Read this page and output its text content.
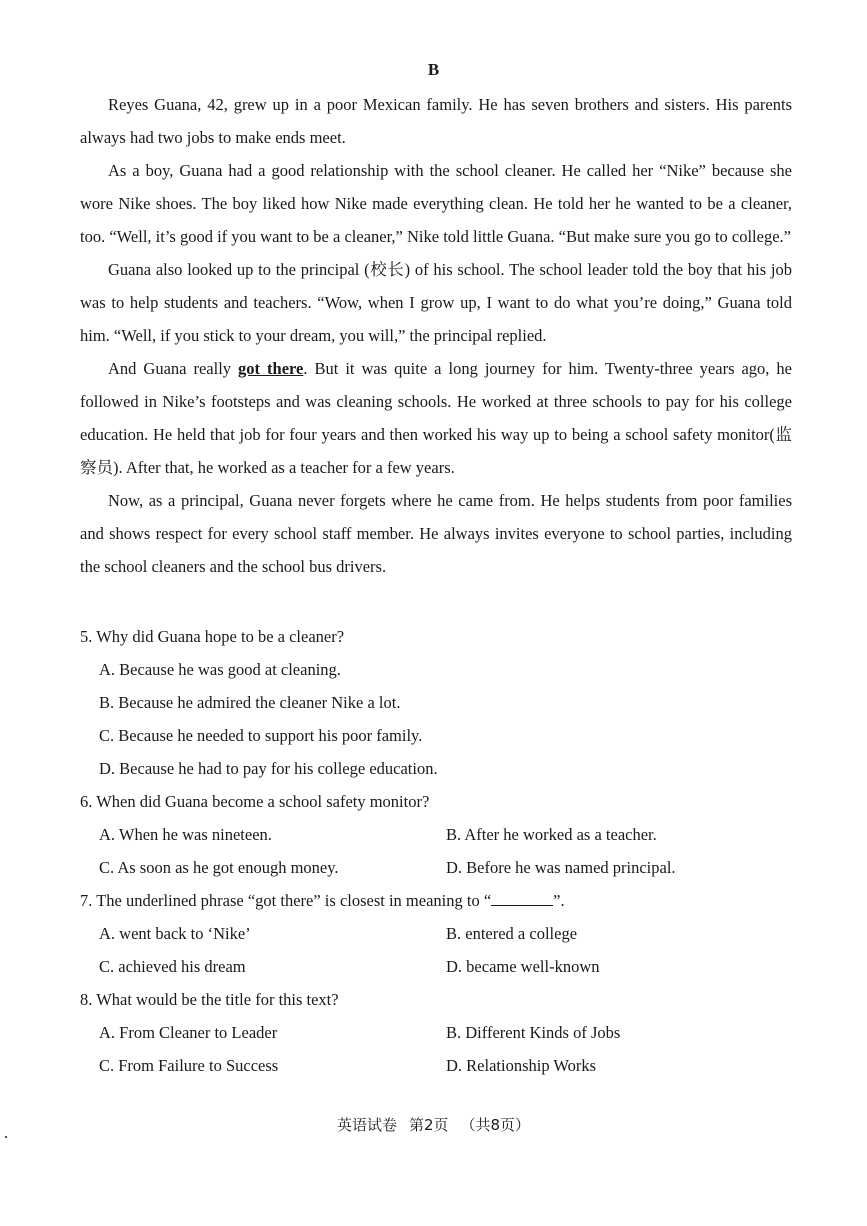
B

Reyes Guana, 42, grew up in a poor Mexican family. He has seven brothers and sisters. His parents always had two jobs to make ends meet.

As a boy, Guana had a good relationship with the school cleaner. He called her “Nike” because she wore Nike shoes. The boy liked how Nike made everything clean. He told her he wanted to be a cleaner, too. “Well, it’s good if you want to be a cleaner,” Nike told little Guana. “But make sure you go to college.”

Guana also looked up to the principal (校长) of his school. The school leader told the boy that his job was to help students and teachers. “Wow, when I grow up, I want to do what you’re doing,” Guana told him. “Well, if you stick to your dream, you will,” the principal replied.

And Guana really got there. But it was quite a long journey for him. Twenty-three years ago, he followed in Nike’s footsteps and was cleaning schools. He worked at three schools to pay for his college education. He held that job for four years and then worked his way up to being a school safety monitor(监察员). After that, he worked as a teacher for a few years.

Now, as a principal, Guana never forgets where he came from. He helps students from poor families and shows respect for every school staff member. He always invites everyone to school parties, including the school cleaners and the school bus drivers.

5. Why did Guana hope to be a cleaner?
A. Because he was good at cleaning.
B. Because he admired the cleaner Nike a lot.
C. Because he needed to support his poor family.
D. Because he had to pay for his college education.
6. When did Guana become a school safety monitor?
A. When he was nineteen.	B. After he worked as a teacher.
C. As soon as he got enough money.	D. Before he was named principal.
7. The underlined phrase “got there” is closest in meaning to “	”.
A. went back to ‘Nike’	B. entered a college
C. achieved his dream	D. became well-known
8. What would be the title for this text?
A. From Cleaner to Leader	B. Different Kinds of Jobs
C. From Failure to Success	D. Relationship Works
英语试卷 第2页 （共8页）
